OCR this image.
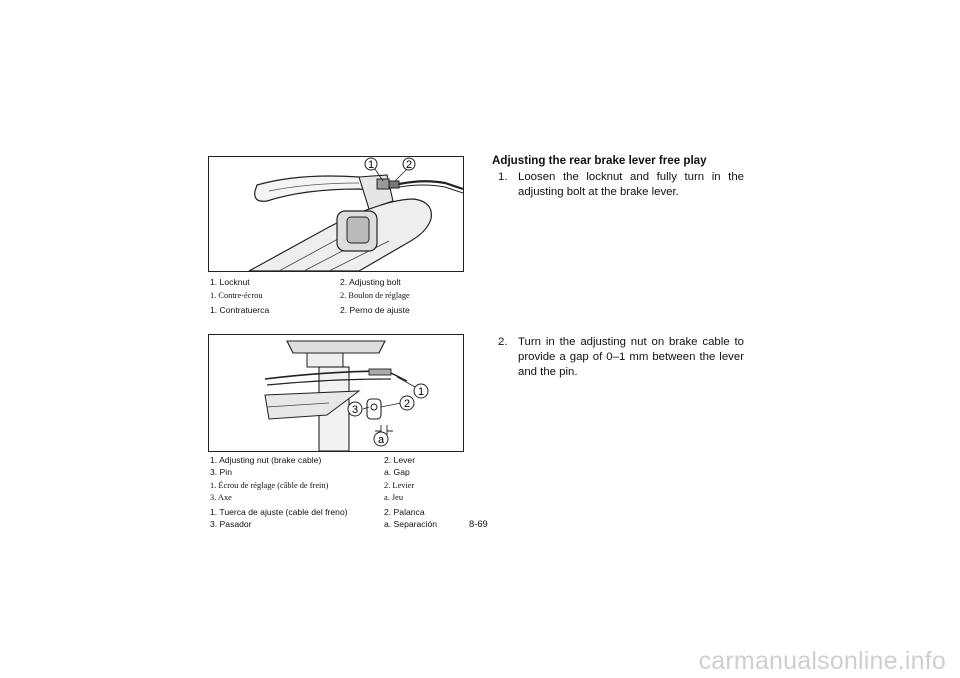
1	2
1. Locknut	2. Adjusting bolt
1. Contre-écrou	2. Boulon de réglage
1. Contratuerca	2. Perno de ajuste
1
2
3
a
1. Adjusting nut (brake cable)	2. Lever
3. Pin	a. Gap
1. Écrou de réglage (câble de frein)	2. Levier
3. Axe	a. Jeu
1. Tuerca de ajuste (cable del freno)	2. Palanca
3. Pasador	a. Separación
Adjusting the rear brake lever free play
1. Loosen the locknut and fully turn in the adjusting bolt at the brake lever.
2. Turn in the adjusting nut on brake cable to provide a gap of 0–1 mm between the lever and the pin.
8-69
carmanualsonline.info
